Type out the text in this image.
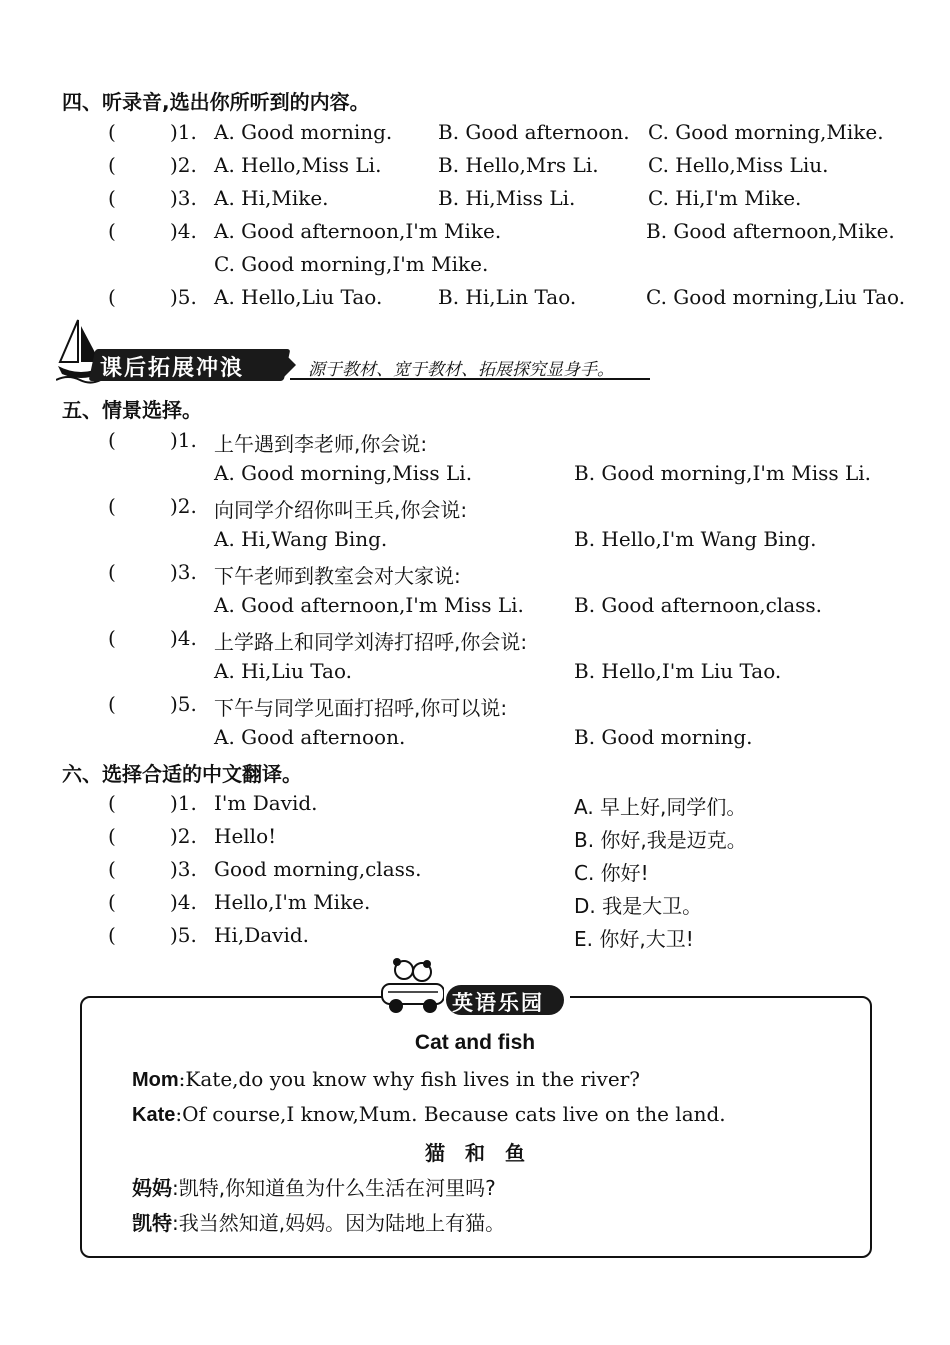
四、听录音,选出你所听到的内容。
(	)1. A. Good morning. B. Good afternoon. C. Good morning,Mike.
(	)2. A. Hello,Miss Li.	B. Hello,Mrs Li. C. Hello,Miss Liu.
(	)3. A. Hi,Mike.	B. Hi,Miss Li.	C. Hi,I'm Mike.
(	)4. A. Good afternoon,I'm Mike.	B. Good afternoon,Mike.
C. Good morning,I'm Mike.
(	)5. A. Hello,Liu Tao.	B. Hi,Lin Tao.	C. Good morning,Liu Tao.
课后拓展冲浪	源于教材、宽于教材、拓展探究显身手。
五、情景选择。
(	)1. 上午遇到李老师,你会说:
A. Good morning,Miss Li.	B. Good morning,I'm Miss Li.
(	)2. 向同学介绍你叫王兵,你会说:
A. Hi,Wang Bing.	B. Hello,I'm Wang Bing.
(	)3. 下午老师到教室会对大家说:
A. Good afternoon,I'm Miss Li.	B. Good afternoon,class.
(	)4. 上学路上和同学刘涛打招呼,你会说:
A. Hi,Liu Tao.	B. Hello,I'm Liu Tao.
(	)5. 下午与同学见面打招呼,你可以说:
A. Good afternoon.	B. Good morning.
六、选择合适的中文翻译。
(	)1. I'm David.	A. 早上好,同学们。
(	)2. Hello!	B. 你好,我是迈克。
(	)3. Good morning,class.	C. 你好!
(	)4. Hello,I'm Mike.	D. 我是大卫。
(	)5. Hi,David.	E. 你好,大卫!
英语乐园
Cat and fish
Mom:Kate,do you know why fish lives in the river?
Kate:Of course,I know,Mum. Because cats live on the land.
猫　和　鱼
妈妈:凯特,你知道鱼为什么生活在河里吗?
凯特:我当然知道,妈妈。因为陆地上有猫。
